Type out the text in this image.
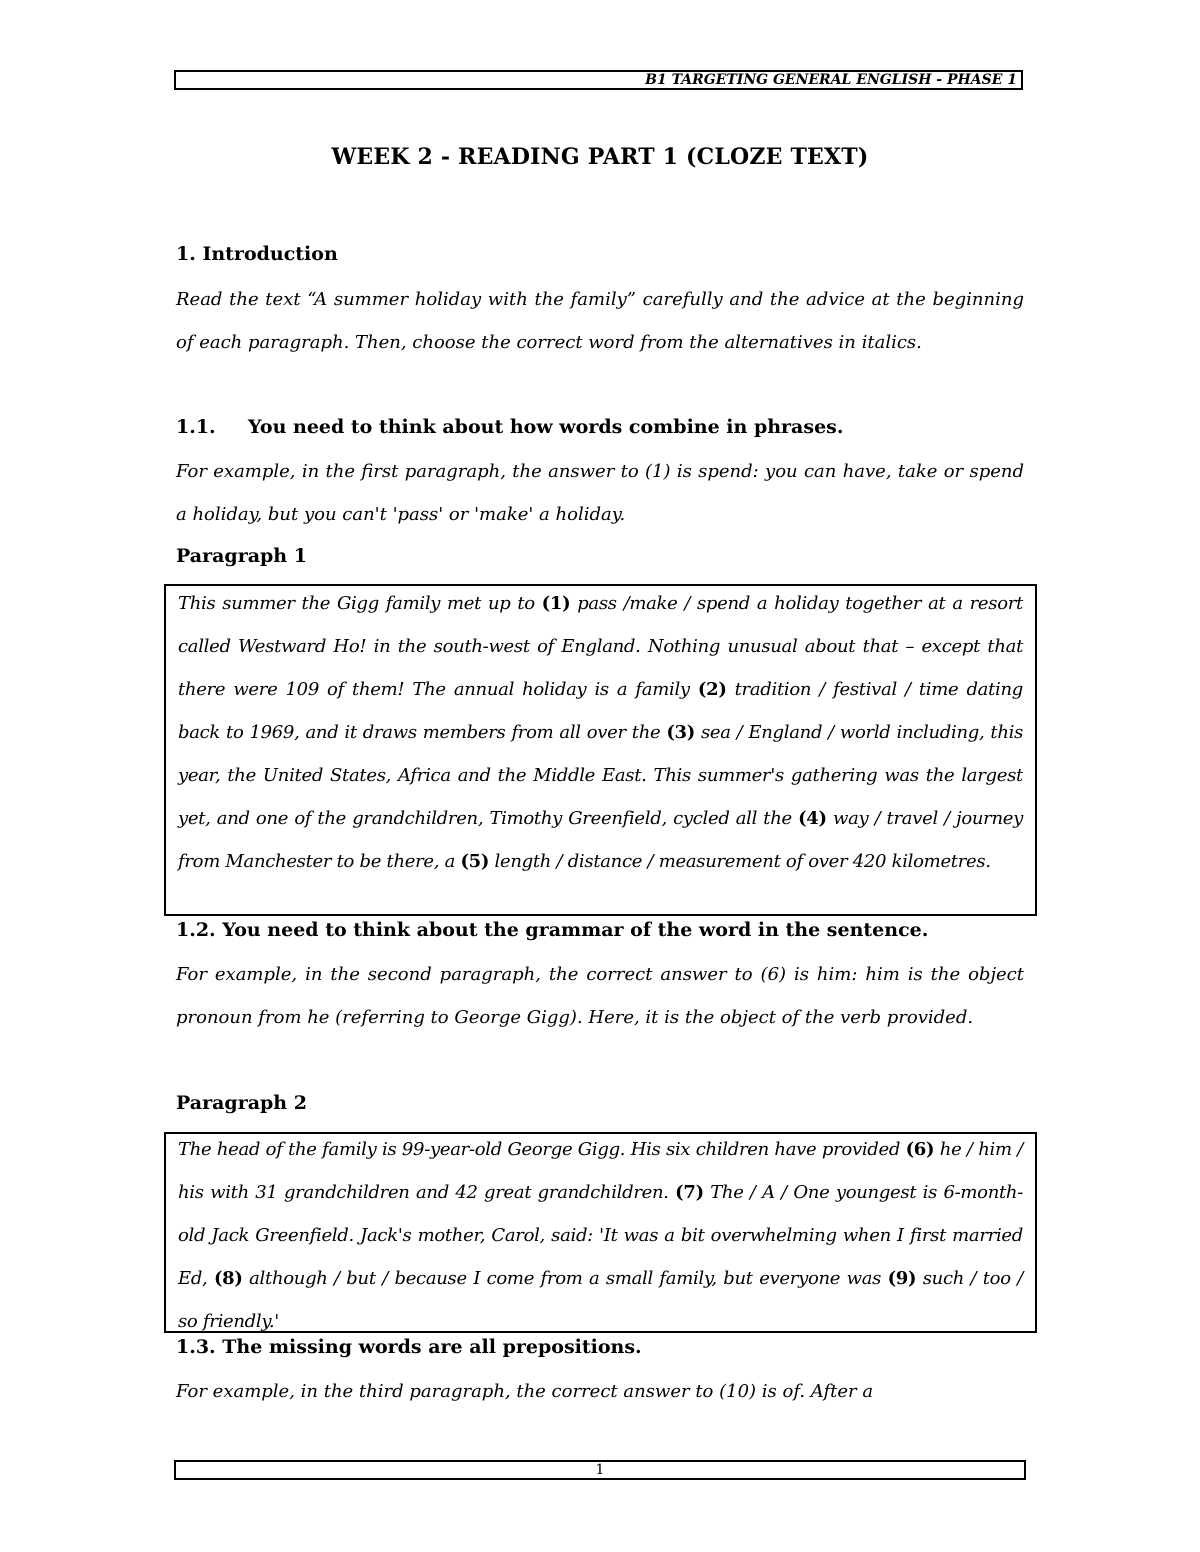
B1 TARGETING GENERAL ENGLISH - PHASE 1
WEEK 2 - READING PART 1 (CLOZE TEXT)
1. Introduction
Read the text “A summer holiday with the family” carefully and the advice at the beginning of each paragraph. Then, choose the correct word from the alternatives in italics.
1.1. You need to think about how words combine in phrases.
For example, in the first paragraph, the answer to (1) is spend: you can have, take or spend a holiday, but you can't 'pass' or 'make' a holiday.
Paragraph 1
This summer the Gigg family met up to (1) pass /make / spend a holiday together at a resort called Westward Ho! in the south-west of England. Nothing unusual about that – except that there were 109 of them! The annual holiday is a family (2) tradition / festival / time dating back to 1969, and it draws members from all over the (3) sea / England / world including, this year, the United States, Africa and the Middle East. This summer's gathering was the largest yet, and one of the grandchildren, Timothy Greenfield, cycled all the (4) way / travel / journey from Manchester to be there, a (5) length / distance / measurement of over 420 kilometres.
1.2. You need to think about the grammar of the word in the sentence.
For example, in the second paragraph, the correct answer to (6) is him: him is the object pronoun from he (referring to George Gigg). Here, it is the object of the verb provided.
Paragraph 2
The head of the family is 99-year-old George Gigg. His six children have provided (6) he / him / his with 31 grandchildren and 42 great grandchildren. (7) The / A / One youngest is 6-month-old Jack Greenfield. Jack's mother, Carol, said: 'It was a bit overwhelming when I first married Ed, (8) although / but / because I come from a small family, but everyone was (9) such / too / so friendly.'
1.3. The missing words are all prepositions.
For example, in the third paragraph, the correct answer to (10) is of. After a
1
